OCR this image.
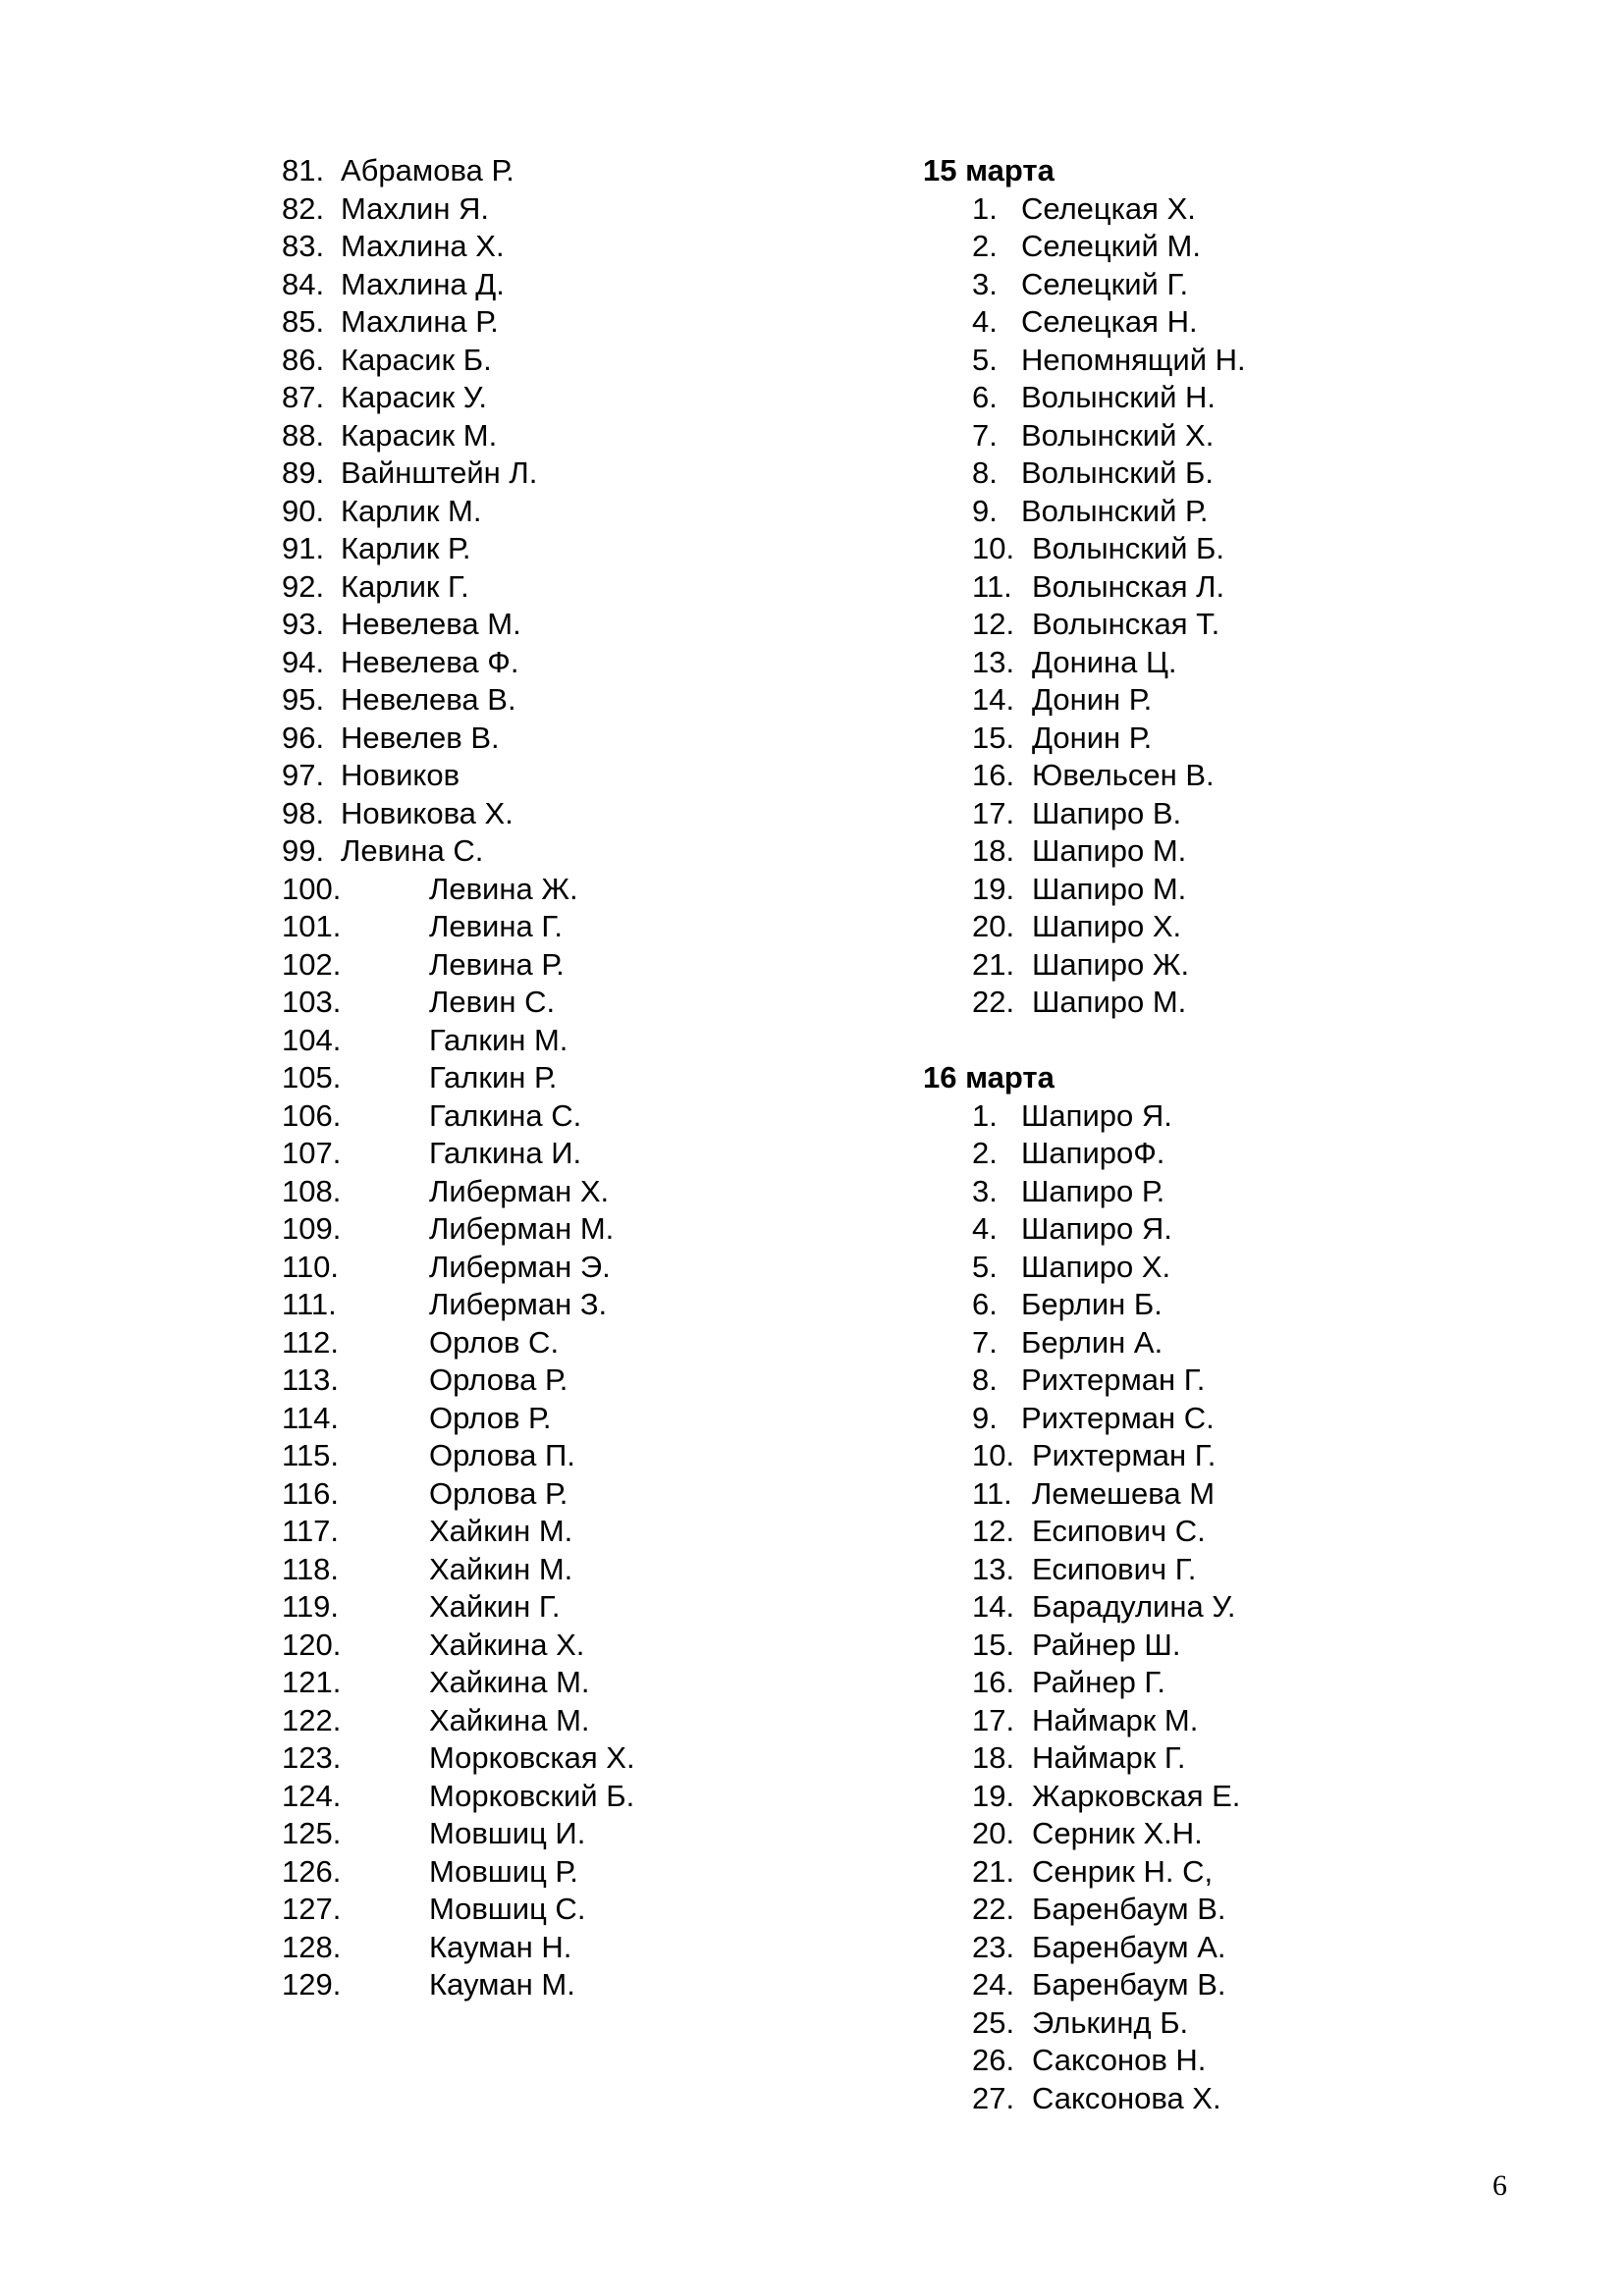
81. Абрамова Р.
82. Махлин Я.
83. Махлина Х.
84. Махлина Д.
85. Махлина Р.
86. Карасик Б.
87. Карасик У.
88. Карасик М.
89. Вайнштейн Л.
90. Карлик М.
91. Карлик Р.
92. Карлик Г.
93. Невелева М.
94. Невелева Ф.
95. Невелева В.
96. Невелев В.
97. Новиков
98. Новикова Х.
99. Левина С.
100.	Левина Ж.
101.	Левина Г.
102.	Левина Р.
103.	Левин С.
104.	Галкин М.
105.	Галкин Р.
106.	Галкина С.
107.	Галкина И.
108.	Либерман Х.
109.	Либерман М.
110.	Либерман Э.
111.	Либерман З.
112.	Орлов С.
113.	Орлова Р.
114.	Орлов Р.
115.	Орлова П.
116.	Орлова Р.
117.	Хайкин М.
118.	Хайкин М.
119.	Хайкин Г.
120.	Хайкина Х.
121.	Хайкина М.
122.	Хайкина М.
123.	Морковская Х.
124.	Морковский Б.
125.	Мовшиц И.
126.	Мовшиц Р.
127.	Мовшиц С.
128.	Кауман Н.
129.	Кауман М.
15 марта
1. Селецкая Х.
2. Селецкий М.
3. Селецкий Г.
4. Селецкая Н.
5. Непомнящий Н.
6. Волынский Н.
7. Волынский Х.
8. Волынский Б.
9. Волынский Р.
10. Волынский Б.
11. Волынская Л.
12. Волынская Т.
13. Донина Ц.
14. Донин Р.
15. Донин Р.
16. Ювельсен В.
17. Шапиро В.
18. Шапиро М.
19. Шапиро М.
20. Шапиро Х.
21. Шапиро Ж.
22. Шапиро М.
16 марта
1. Шапиро Я.
2. ШапироФ.
3. Шапиро Р.
4. Шапиро Я.
5. Шапиро Х.
6. Берлин Б.
7. Берлин А.
8. Рихтерман Г.
9. Рихтерман С.
10. Рихтерман Г.
11. Лемешева М
12. Есипович С.
13. Есипович Г.
14. Барадулина У.
15. Райнер Ш.
16. Райнер Г.
17. Наймарк М.
18. Наймарк Г.
19. Жарковская Е.
20. Серник Х.Н.
21. Сенрик Н. С,
22. Баренбаум В.
23. Баренбаум А.
24. Баренбаум В.
25. Элькинд Б.
26. Саксонов Н.
27. Саксонова Х.
6
